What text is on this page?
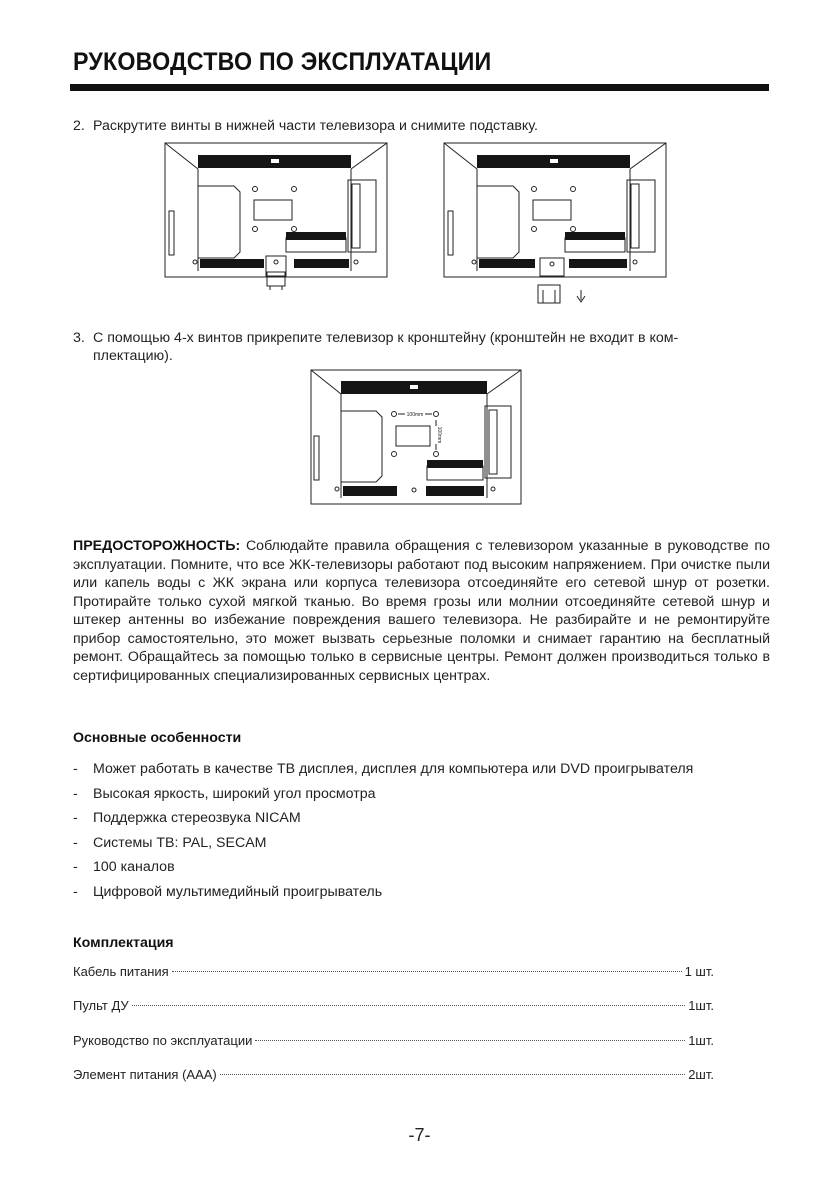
РУКОВОДСТВО ПО ЭКСПЛУАТАЦИИ
2. Раскрутите винты в нижней части телевизора и снимите подставку.
3. С помощью 4-х винтов прикрепите телевизор к кронштейну (кронштейн не входит в ком-
плектацию).
100mm
100mm
ПРЕДОСТОРОЖНОСТЬ: Соблюдайте правила обращения с телевизором указанные в руководстве по эксплуатации. Помните, что все ЖК-телевизоры работают под высоким напряжением. При очистке пыли или капель воды с ЖК экрана или корпуса телевизора отсоединяйте его сетевой шнур от розетки. Протирайте только сухой мягкой тканью. Во время грозы или молнии отсоединяйте сетевой шнур и штекер антенны во избежание повреждения вашего телевизора. Не разбирайте и не ремонтируйте прибор самостоятельно, это может вызвать серьезные поломки и снимает гарантию на бесплатный ремонт. Обращайтесь за помощью только в сервисные центры. Ремонт должен производиться только в сертифицированных специализированных сервисных центрах.
Основные особенности
- Может работать в качестве ТВ дисплея, дисплея для компьютера или DVD проигрывателя
- Высокая яркость, широкий угол просмотра
- Поддержка стереозвука NICAM
- Системы ТВ: PAL, SECAM
- 100 каналов
- Цифровой мультимедийный проигрыватель
Комплектация
Кабель питания	1 шт.
Пульт ДУ	1шт.
Руководство по эксплуатации	1шт.
Элемент питания (ААА)	2шт.
-7-
